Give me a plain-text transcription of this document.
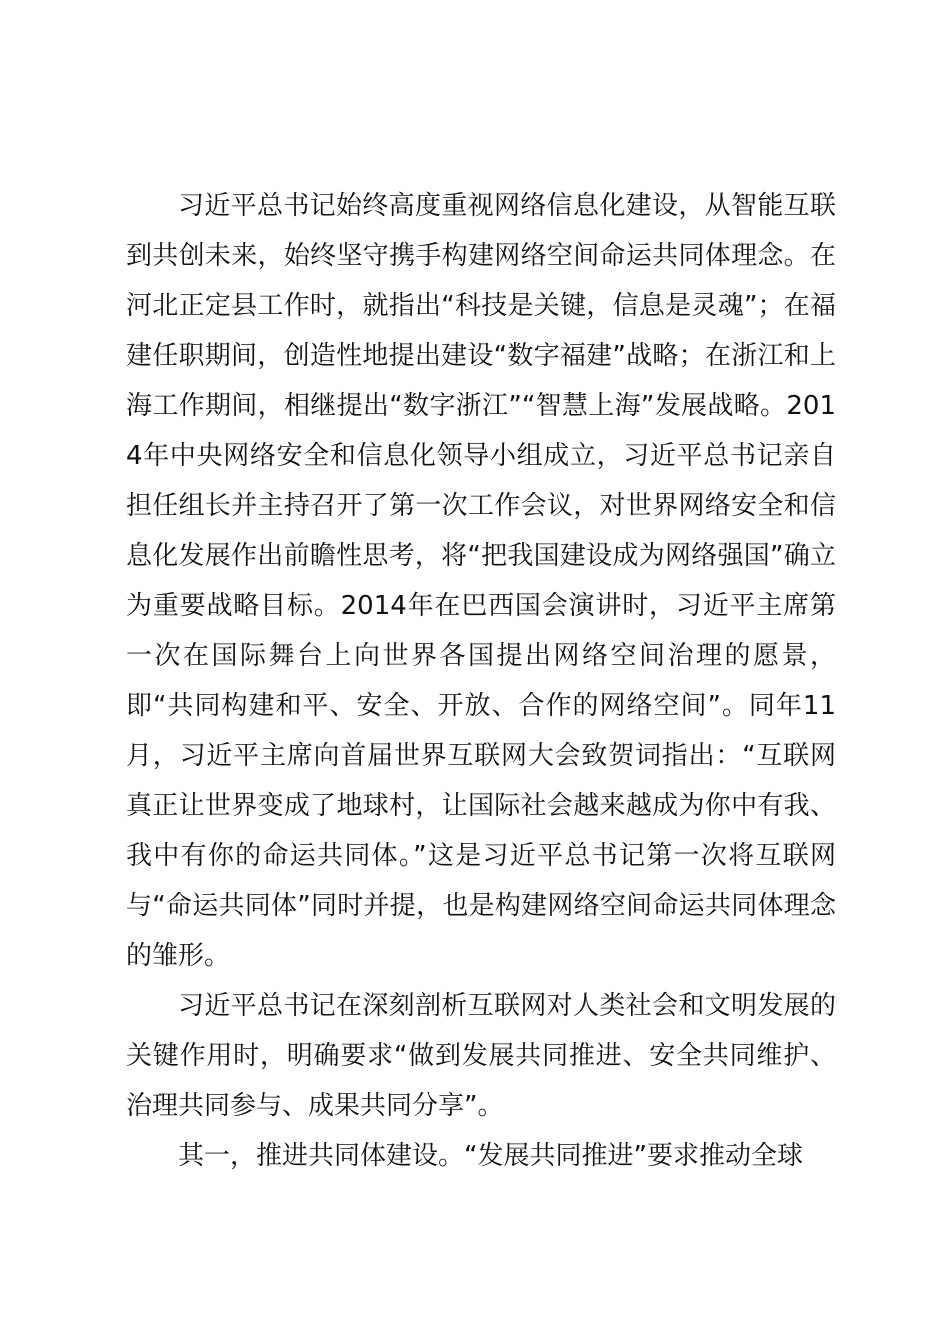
习近平总书记始终高度重视网络信息化建设，从智能互联到共创未来，始终坚守携手构建网络空间命运共同体理念。在河北正定县工作时，就指出“科技是关键，信息是灵魂”；在福建任职期间，创造性地提出建设“数字福建”战略；在浙江和上海工作期间，相继提出“数字浙江”“智慧上海”发展战略。2014年中央网络安全和信息化领导小组成立，习近平总书记亲自担任组长并主持召开了第一次工作会议，对世界网络安全和信息化发展作出前瞻性思考，将“把我国建设成为网络强国”确立为重要战略目标。2014年在巴西国会演讲时，习近平主席第一次在国际舞台上向世界各国提出网络空间治理的愿景，即“共同构建和平、安全、开放、合作的网络空间”。同年11月，习近平主席向首届世界互联网大会致贺词指出：“互联网真正让世界变成了地球村，让国际社会越来越成为你中有我、我中有你的命运共同体。”这是习近平总书记第一次将互联网与“命运共同体”同时并提，也是构建网络空间命运共同体理念的雏形。

习近平总书记在深刻剖析互联网对人类社会和文明发展的关键作用时，明确要求“做到发展共同推进、安全共同维护、治理共同参与、成果共同分享”。

其一，推进共同体建设。“发展共同推进”要求推动全球
